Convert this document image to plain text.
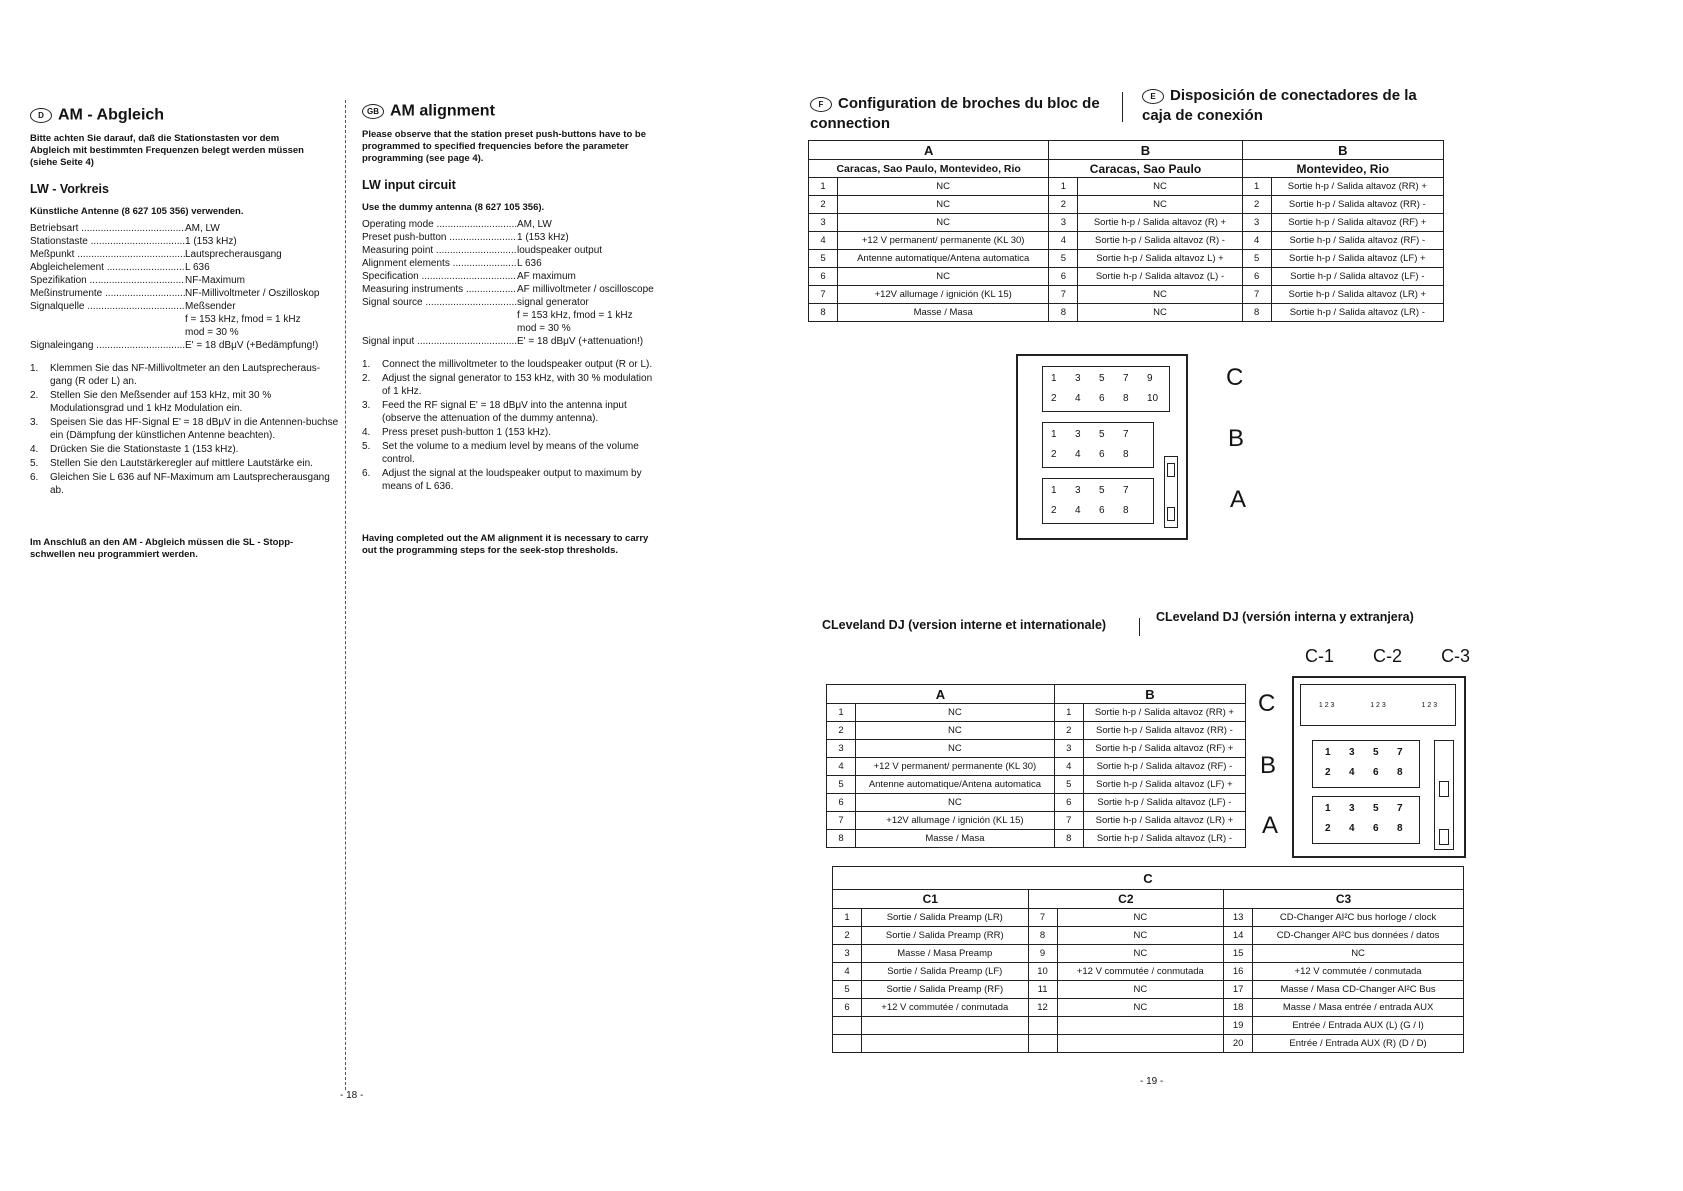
D AM - Abgleich
Bitte achten Sie darauf, daß die Stationstasten vor dem Abgleich mit bestimmten Frequenzen belegt werden müssen (siehe Seite 4)
LW - Vorkreis
Künstliche Antenne (8 627 105 356) verwenden.
Betriebsart .....	AM, LW
Stationstaste .....	1 (153 kHz)
Meßpunkt .....	Lautsprecherausgang
Abgleichelement .....	L 636
Spezifikation .....	NF-Maximum
Meßinstrumente .....	NF-Millivoltmeter / Oszilloskop
Signalquelle .....	Meßsender
f = 153 kHz, fmod = 1 kHz
mod = 30 %
Signaleingang .....	E' = 18 dBμV (+Bedämpfung!)
1.	Klemmen Sie das NF-Millivoltmeter an den Lautsprecheraus-gang (R oder L) an.
2.	Stellen Sie den Meßsender auf 153 kHz, mit 30 % Modulationsgrad und 1 kHz Modulation ein.
3.	Speisen Sie das HF-Signal E' = 18 dBμV in die Antennen-buchse ein (Dämpfung der künstlichen Antenne beachten).
4.	Drücken Sie die Stationstaste 1 (153 kHz).
5.	Stellen Sie den Lautstärkeregler auf mittlere Lautstärke ein.
6.	Gleichen Sie L 636 auf NF-Maximum am Lautsprecherausgang ab.
Im Anschluß an den AM - Abgleich müssen die SL - Stopp-schwellen neu programmiert werden.
GB AM alignment
Please observe that the station preset push-buttons have to be programmed to specified frequencies before the parameter programming (see page 4).
LW input circuit
Use the dummy antenna (8 627 105 356).
Operating mode .....	AM, LW
Preset push-button .....	1 (153 kHz)
Measuring point .....	loudspeaker output
Alignment elements .....	L 636
Specification .....	AF maximum
Measuring instruments .....	AF millivoltmeter / oscilloscope
Signal source .....	signal generator
f = 153 kHz, fmod = 1 kHz
mod = 30 %
Signal input .....	E' = 18 dBμV (+attenuation!)
1.	Connect the millivoltmeter to the loudspeaker output (R or L).
2.	Adjust the signal generator to 153 kHz, with 30 % modulation of 1 kHz.
3.	Feed the RF signal E' = 18 dBμV into the antenna input (observe the attenuation of the dummy antenna).
4.	Press preset push-button 1 (153 kHz).
5.	Set the volume to a medium level by means of the volume control.
6.	Adjust the signal at the loudspeaker output to maximum by means of L 636.
Having completed out the AM alignment it is necessary to carry out the programming steps for the seek-stop thresholds.
- 18 -
F Configuration de broches du bloc de connection
E Disposición de conectadores de la caja de conexión
A		B		B	
Caracas, Sao Paulo, Montevideo, Rio		Caracas, Sao Paulo		Montevideo, Rio	
1	NC	1	NC	1	Sortie h-p / Salida altavoz (RR) +
2	NC	2	NC	2	Sortie h-p / Salida altavoz (RR) -
3	NC	3	Sortie h-p / Salida altavoz (R) +	3	Sortie h-p / Salida altavoz (RF) +
4	+12 V permanent/ permanente (KL 30)	4	Sortie h-p / Salida altavoz (R) -	4	Sortie h-p / Salida altavoz (RF) -
5	Antenne automatique/Antena automatica	5	Sortie h-p / Salida altavoz L) +	5	Sortie h-p / Salida altavoz (LF) +
6	NC	6	Sortie h-p / Salida altavoz (L) -	6	Sortie h-p / Salida altavoz (LF) -
7	+12V allumage / ignición (KL 15)	7	NC	7	Sortie h-p / Salida altavoz (LR) +
8	Masse / Masa	8	NC	8	Sortie h-p / Salida altavoz (LR) -
1 3 5 7 9
2 4 6 8 10
1 3 5 7
2 4 6 8
1 3 5 7
2 4 6 8
C
B
A
CLeveland DJ (version interne et internationale)
CLeveland DJ (versión interna y extranjera)
C-1 C-2 C-3
A		B	
1	NC	1	Sortie h-p / Salida altavoz (RR) +
2	NC	2	Sortie h-p / Salida altavoz (RR) -
3	NC	3	Sortie h-p / Salida altavoz (RF) +
4	+12 V permanent/ permanente (KL 30)	4	Sortie h-p / Salida altavoz (RF) -
5	Antenne automatique/Antena automatica	5	Sortie h-p / Salida altavoz (LF) +
6	NC	6	Sortie h-p / Salida altavoz (LF) -
7	+12V allumage / ignición (KL 15)	7	Sortie h-p / Salida altavoz (LR) +
8	Masse / Masa	8	Sortie h-p / Salida altavoz (LR) -
C
B
A
1 2 3	1 2 3	1 2 3
1 3 5 7
2 4 6 8
1 3 5 7
2 4 6 8
C					
C1		C2		C3	
1	Sortie / Salida Preamp (LR)	7	NC	13	CD-Changer AI²C bus horloge / clock
2	Sortie / Salida Preamp (RR)	8	NC	14	CD-Changer AI²C bus données / datos
3	Masse / Masa Preamp	9	NC	15	NC
4	Sortie / Salida Preamp (LF)	10	+12 V commutée / conmutada	16	+12 V commutée / conmutada
5	Sortie / Salida Preamp (RF)	11	NC	17	Masse / Masa CD-Changer AI²C Bus
6	+12 V commutée / conmutada	12	NC	18	Masse / Masa entrée / entrada AUX
				19	Entrée / Entrada AUX (L) (G / l)
				20	Entrée / Entrada AUX (R) (D / D)
- 19 -
